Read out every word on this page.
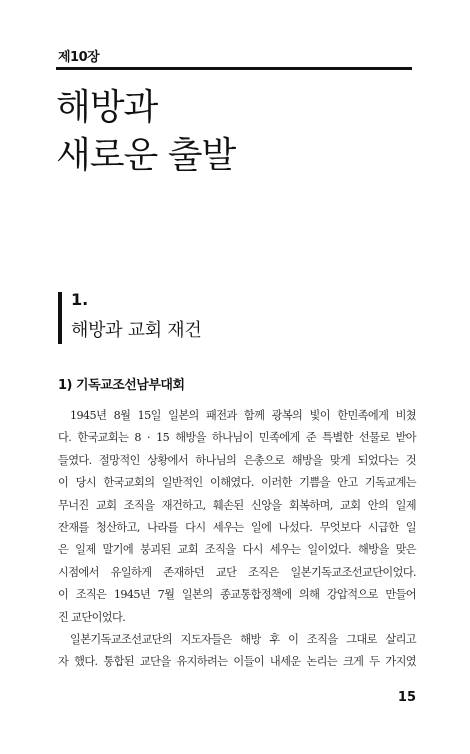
제10장
해방과
새로운 출발
1.
해방과 교회 재건
1) 기독교조선남부대회
1945년 8월 15일 일본의 패전과 함께 광복의 빛이 한민족에게 비쳤
다. 한국교회는 8 · 15 해방을 하나님이 민족에게 준 특별한 선물로 받아
들였다. 절망적인 상황에서 하나님의 은총으로 해방을 맞게 되었다는 것
이 당시 한국교회의 일반적인 이해였다. 이러한 기쁨을 안고 기독교계는
무너진 교회 조직을 재건하고, 훼손된 신앙을 회복하며, 교회 안의 일제
잔재를 청산하고, 나라를 다시 세우는 일에 나섰다. 무엇보다 시급한 일
은 일제 말기에 붕괴된 교회 조직을 다시 세우는 일이었다. 해방을 맞은
시점에서 유일하게 존재하던 교단 조직은 일본기독교조선교단이었다.
이 조직은 1945년 7월 일본의 종교통합정책에 의해 강압적으로 만들어
진 교단이었다.
일본기독교조선교단의 지도자들은 해방 후 이 조직을 그대로 살리고
자 했다. 통합된 교단을 유지하려는 이들이 내세운 논리는 크게 두 가지였
15
